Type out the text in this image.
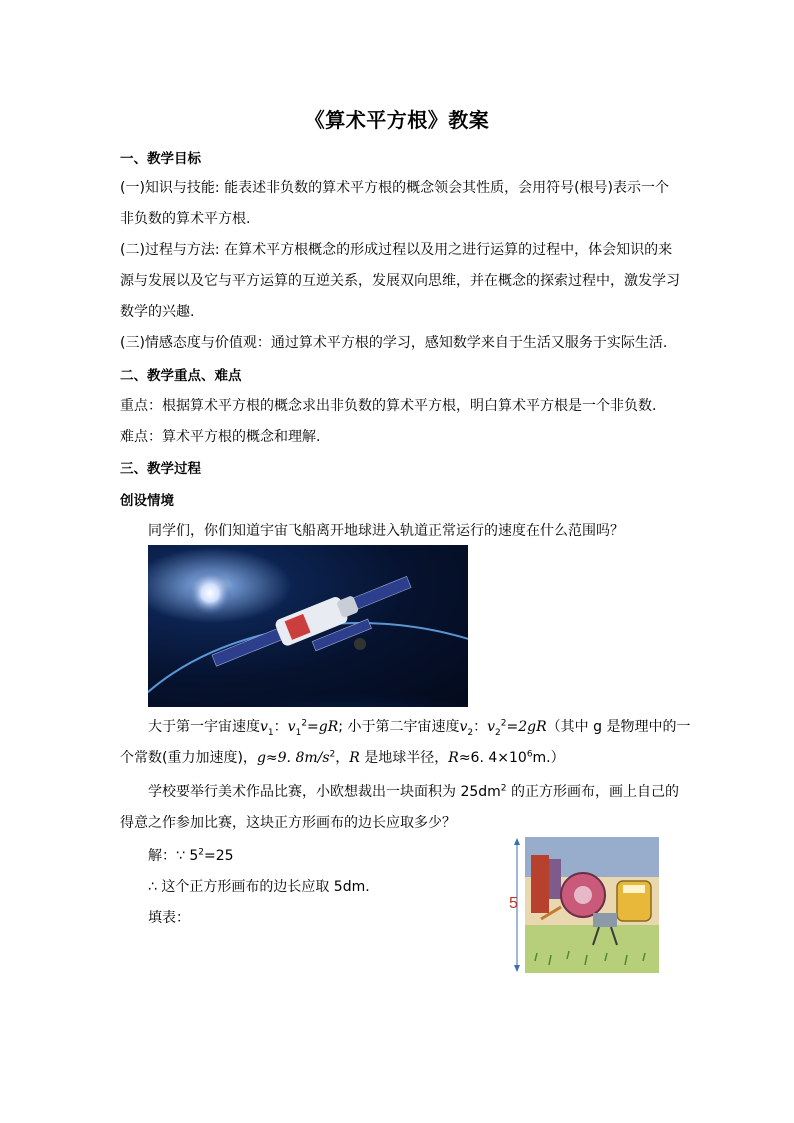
《算术平方根》教案
一、教学目标
(一)知识与技能: 能表述非负数的算术平方根的概念领会其性质，会用符号(根号)表示一个
非负数的算术平方根.
(二)过程与方法: 在算术平方根概念的形成过程以及用之进行运算的过程中，体会知识的来
源与发展以及它与平方运算的互逆关系，发展双向思维，并在概念的探索过程中，激发学习
数学的兴趣.
(三)情感态度与价值观：通过算术平方根的学习，感知数学来自于生活又服务于实际生活.
二、教学重点、难点
重点：根据算术平方根的概念求出非负数的算术平方根，明白算术平方根是一个非负数.
难点：算术平方根的概念和理解.
三、教学过程
创设情境
同学们，你们知道宇宙飞船离开地球进入轨道正常运行的速度在什么范围吗？
大于第一宇宙速度$v_1$：$v_1^2=gR$; 小于第二宇宙速度$v_2$：$v_2^2=2gR$（其中 g 是物理中的一
个常数(重力加速度)，g≈9. $8m/s^2$，R 是地球半径，R≈6. $4\times 10^6m$.）
学校要举行美术作品比赛，小欧想裁出一块面积为 $25dm^2$ 的正方形画布，画上自己的
得意之作参加比赛，这块正方形画布的边长应取多少？
解：∵ $5^2=25$
∴ 这个正方形画布的边长应取 5dm.
填表：
5
